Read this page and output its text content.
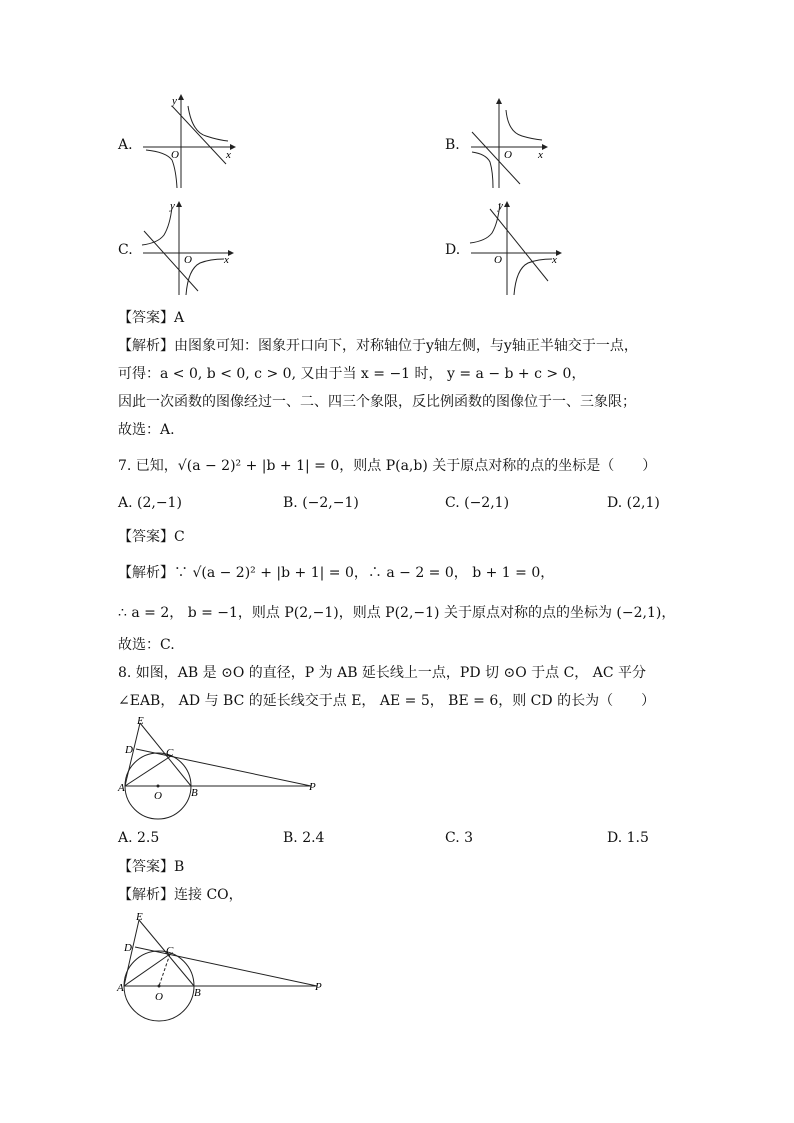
A.
y
x
O
B.
x
O
C.
y
x
O
D.
y
x
O
【答案】A
【解析】由图象可知：图象开口向下，对称轴位于y轴左侧，与y轴正半轴交于一点，
可得：a < 0, b < 0, c > 0, 又由于当 x = −1 时， y = a − b + c > 0，
因此一次函数的图像经过一、二、四三个象限，反比例函数的图像位于一、三象限；
故选：A.
7. 已知，√(a − 2)² + |b + 1| = 0，则点 P(a,b) 关于原点对称的点的坐标是（　　）
A. (2,−1)	B. (−2,−1)	C. (−2,1)	D. (2,1)
【答案】C
【解析】∵ √(a − 2)² + |b + 1| = 0，∴ a − 2 = 0， b + 1 = 0，
∴ a = 2， b = −1，则点 P(2,−1)，则点 P(2,−1) 关于原点对称的点的坐标为 (−2,1)，
故选：C.
8. 如图，AB 是 ⊙O 的直径，P 为 AB 延长线上一点，PD 切 ⊙O 于点 C， AC 平分
∠EAB， AD 与 BC 的延长线交于点 E， AE = 5， BE = 6，则 CD 的长为（　　）
E
D	C
A
O	B	P
A. 2.5	B. 2.4	C. 3	D. 1.5
【答案】B
【解析】连接 CO，
E
D	C
A
O	B	P
